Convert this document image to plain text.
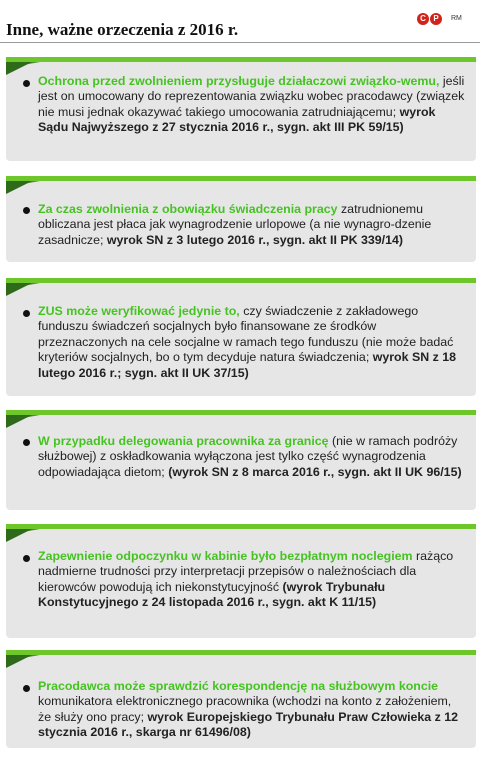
Inne, ważne orzeczenia z 2016 r.
C P RM
Ochrona przed zwolnieniem przysługuje działaczowi związko-wemu, jeśli jest on umocowany do reprezentowania związku wobec pracodawcy (związek nie musi jednak okazywać takiego umocowania zatrudniającemu; wyrok Sądu Najwyższego z 27 stycznia 2016 r., sygn. akt III PK 59/15)
Za czas zwolnienia z obowiązku świadczenia pracy zatrudnionemu obliczana jest płaca jak wynagrodzenie urlopowe (a nie wynagro-dzenie zasadnicze; wyrok SN z 3 lutego 2016 r., sygn. akt II PK 339/14)
ZUS może weryfikować jedynie to, czy świadczenie z zakładowego funduszu świadczeń socjalnych było finansowane ze środków przeznaczonych na cele socjalne w ramach tego funduszu (nie może badać kryteriów socjalnych, bo o tym decyduje natura świadczenia; wyrok SN z 18 lutego 2016 r.; sygn. akt II UK 37/15)
W przypadku delegowania pracownika za granicę (nie w ramach podróży służbowej) z oskładkowania wyłączona jest tylko część wynagrodzenia odpowiadająca dietom; (wyrok SN z 8 marca 2016 r., sygn. akt II UK 96/15)
Zapewnienie odpoczynku w kabinie było bezpłatnym noclegiem rażąco nadmierne trudności przy interpretacji przepisów o należnościach dla kierowców powodują ich niekonstytucyjność (wyrok Trybunału Konstytucyjnego z 24 listopada 2016 r., sygn. akt K 11/15)
Pracodawca może sprawdzić korespondencję na służbowym koncie komunikatora elektronicznego pracownika (wchodzi na konto z założeniem, że służy ono pracy; wyrok Europejskiego Trybunału Praw Człowieka z 12 stycznia 2016 r., skarga nr 61496/08)
